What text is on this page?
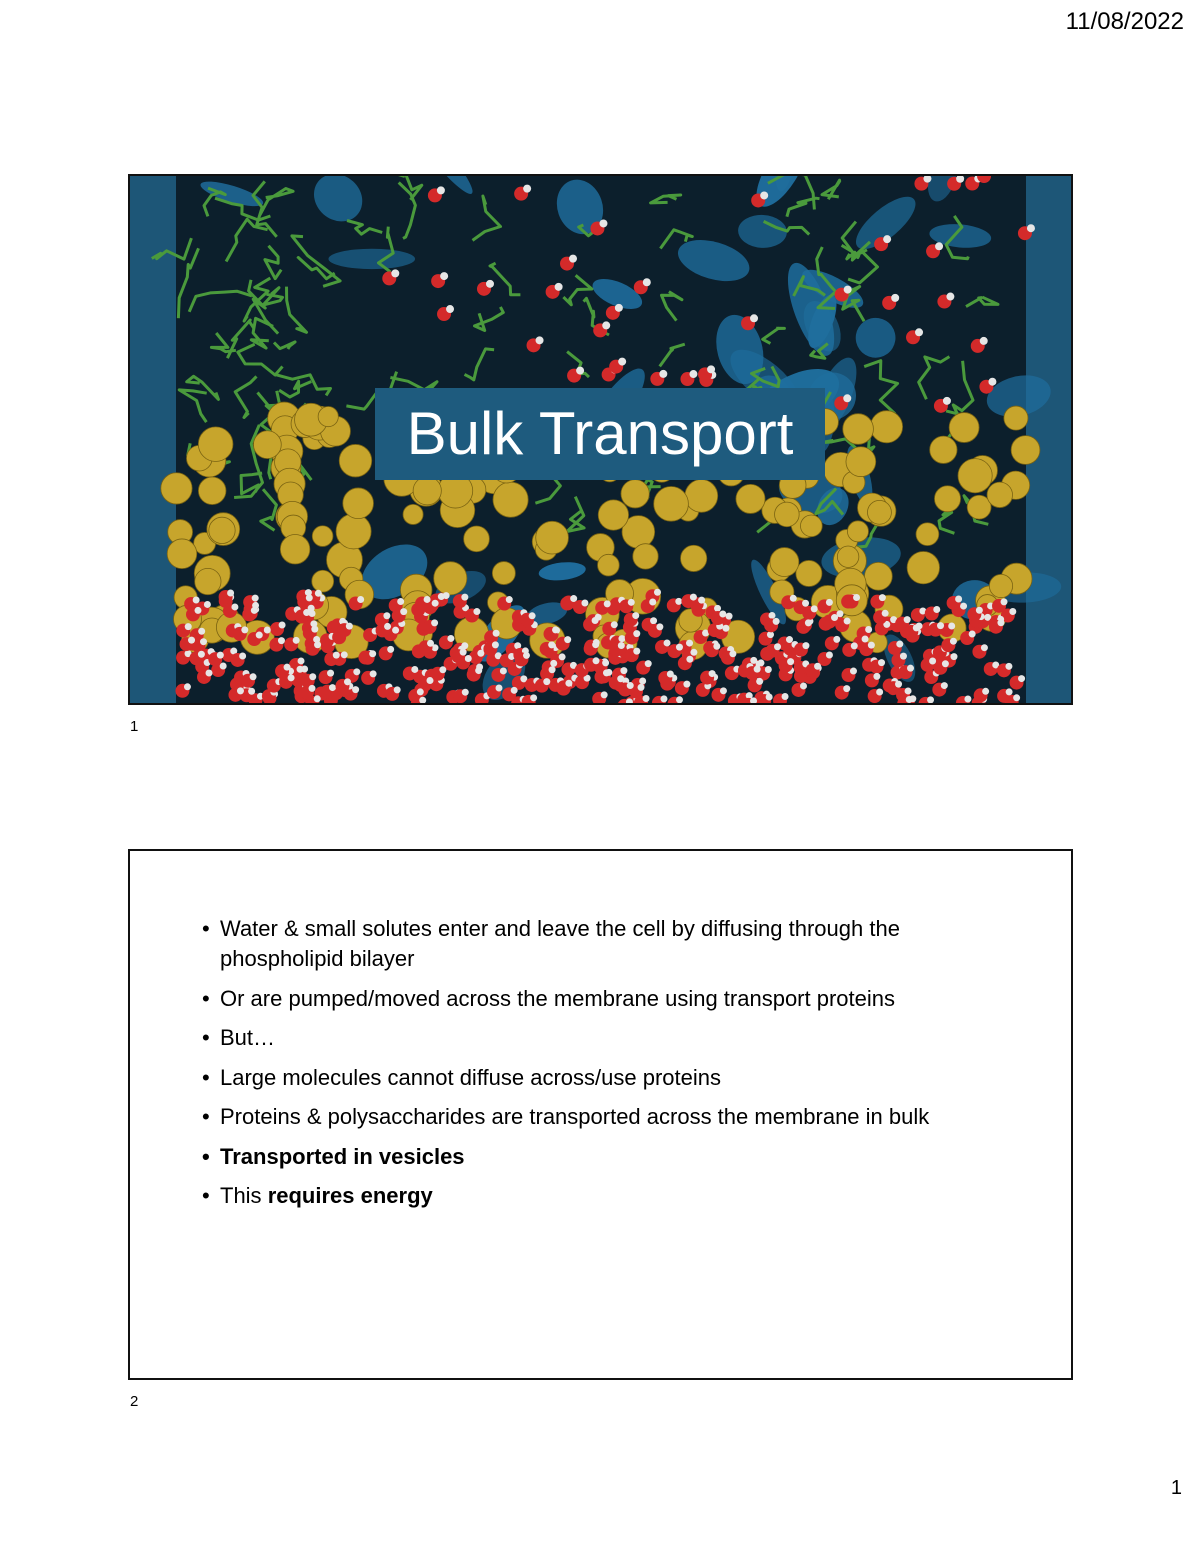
11/08/2022
Bulk Transport
1
• Water & small solutes enter and leave the cell by diffusing through the phospholipid bilayer
• Or are pumped/moved across the membrane using transport proteins
• But…
• Large molecules cannot diffuse across/use proteins
• Proteins & polysaccharides are transported across the membrane in bulk
• Transported in vesicles
• This requires energy
2
1
